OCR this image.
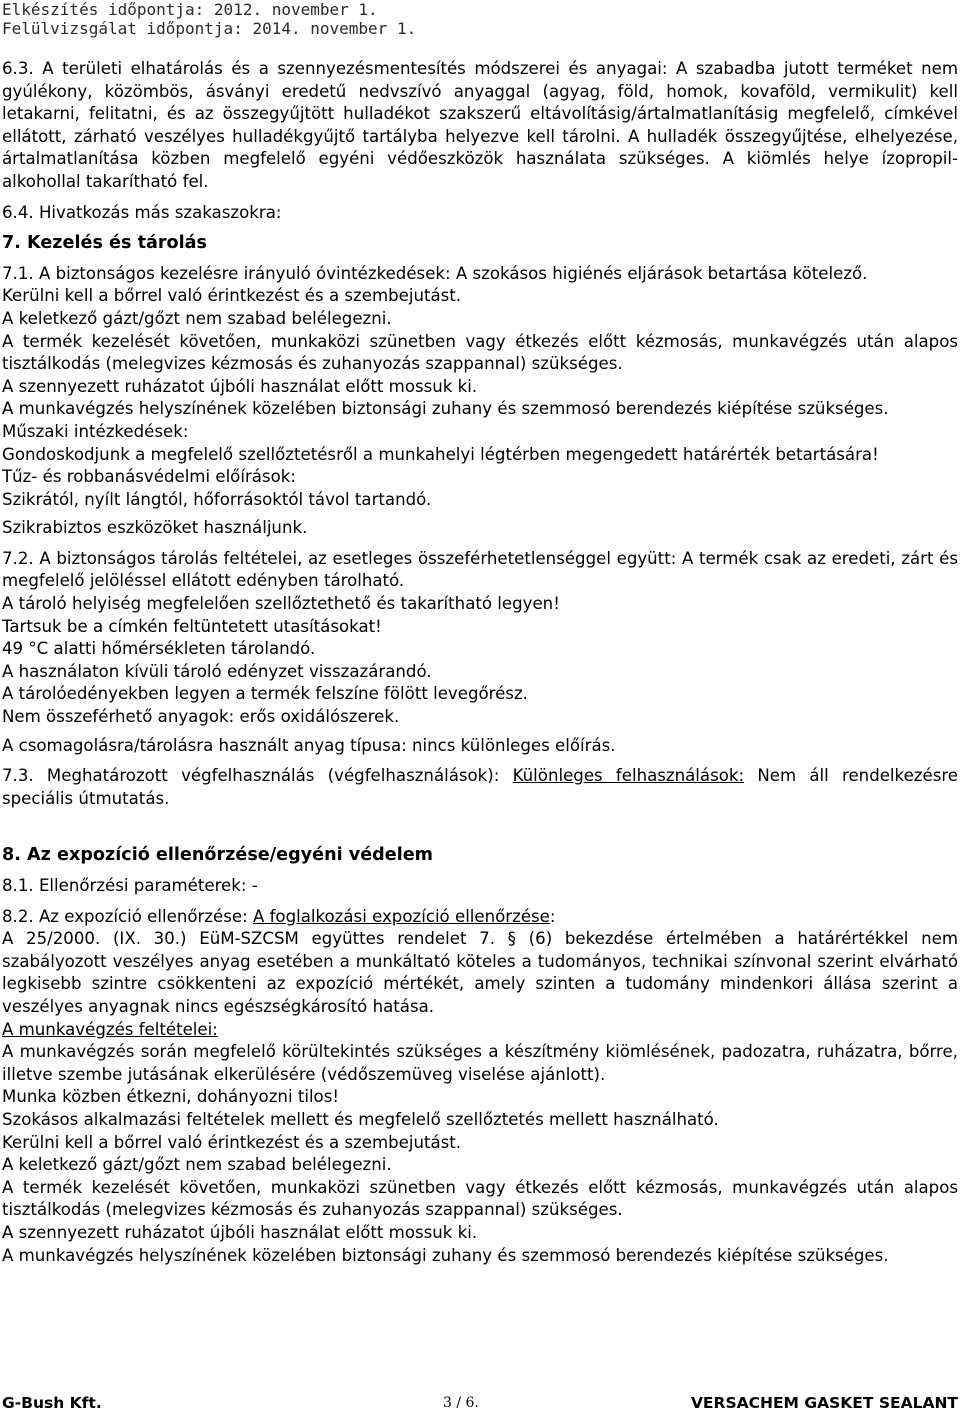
Elkészítés időpontja: 2012. november 1.
Felülvizsgálat időpontja: 2014. november 1.

6.3. A területi elhatárolás és a szennyezésmentesítés módszerei és anyagai: A szabadba jutott terméket nem gyúlékony, közömbös, ásványi eredetű nedvszívó anyaggal (agyag, föld, homok, kovaföld, vermikulit) kell letakarni, felitatni, és az összegyűjtött hulladékot szakszerű eltávolításig/ártalmatlanításig megfelelő, címkével ellátott, zárható veszélyes hulladékgyűjtő tartályba helyezve kell tárolni. A hulladék összegyűjtése, elhelyezése, ártalmatlanítása közben megfelelő egyéni védőeszközök használata szükséges. A kiömlés helye ízopropil-alkohollal takarítható fel.

6.4. Hivatkozás más szakaszokra:

7. Kezelés és tárolás

7.1. A biztonságos kezelésre irányuló óvintézkedések: A szokásos higiénés eljárások betartása kötelező.

Kerülni kell a bőrrel való érintkezést és a szembejutást.

A keletkező gázt/gőzt nem szabad belélegezni.

A termék kezelését követően, munkaközi szünetben vagy étkezés előtt kézmosás, munkavégzés után alapos tisztálkodás (melegvizes kézmosás és zuhanyozás szappannal) szükséges.

A szennyezett ruházatot újbóli használat előtt mossuk ki.

A munkavégzés helyszínének közelében biztonsági zuhany és szemmosó berendezés kiépítése szükséges.

Műszaki intézkedések:

Gondoskodjunk a megfelelő szellőztetésről a munkahelyi légtérben megengedett határérték betartására!

Tűz- és robbanásvédelmi előírások:

Szikrától, nyílt lángtól, hőforrásoktól távol tartandó.

Szikrabiztos eszközöket használjunk.

7.2. A biztonságos tárolás feltételei, az esetleges összeférhetetlenséggel együtt: A termék csak az eredeti, zárt és megfelelő jelöléssel ellátott edényben tárolható.

A tároló helyiség megfelelően szellőztethető és takarítható legyen!

Tartsuk be a címkén feltüntetett utasításokat!

49 °C alatti hőmérsékleten tárolandó.

A használaton kívüli tároló edényzet visszazárandó.

A tárolóedényekben legyen a termék felszíne fölött levegőrész.

Nem összeférhető anyagok: erős oxidálószerek.

A csomagolásra/tárolásra használt anyag típusa: nincs különleges előírás.

7.3. Meghatározott végfelhasználás (végfelhasználások): Különleges felhasználások: Nem áll rendelkezésre speciális útmutatás.

8. Az expozíció ellenőrzése/egyéni védelem

8.1. Ellenőrzési paraméterek: -

8.2. Az expozíció ellenőrzése: A foglalkozási expozíció ellenőrzése:

A 25/2000. (IX. 30.) EüM-SZCSM együttes rendelet 7. § (6) bekezdése értelmében a határértékkel nem szabályozott veszélyes anyag esetében a munkáltató köteles a tudományos, technikai színvonal szerint elvárható legkisebb szintre csökkenteni az expozíció mértékét, amely szinten a tudomány mindenkori állása szerint a veszélyes anyagnak nincs egészségkárosító hatása.

A munkavégzés feltételei:

A munkavégzés során megfelelő körültekintés szükséges a készítmény kiömlésének, padozatra, ruházatra, bőrre, illetve szembe jutásának elkerülésére (védőszemüveg viselése ajánlott).

Munka közben étkezni, dohányozni tilos!

Szokásos alkalmazási feltételek mellett és megfelelő szellőztetés mellett használható.

Kerülni kell a bőrrel való érintkezést és a szembejutást.

A keletkező gázt/gőzt nem szabad belélegezni.

A termék kezelését követően, munkaközi szünetben vagy étkezés előtt kézmosás, munkavégzés után alapos tisztálkodás (melegvizes kézmosás és zuhanyozás szappannal) szükséges.

A szennyezett ruházatot újbóli használat előtt mossuk ki.

A munkavégzés helyszínének közelében biztonsági zuhany és szemmosó berendezés kiépítése szükséges.

G-Bush Kft.	3 / 6.	VERSACHEM GASKET SEALANT
